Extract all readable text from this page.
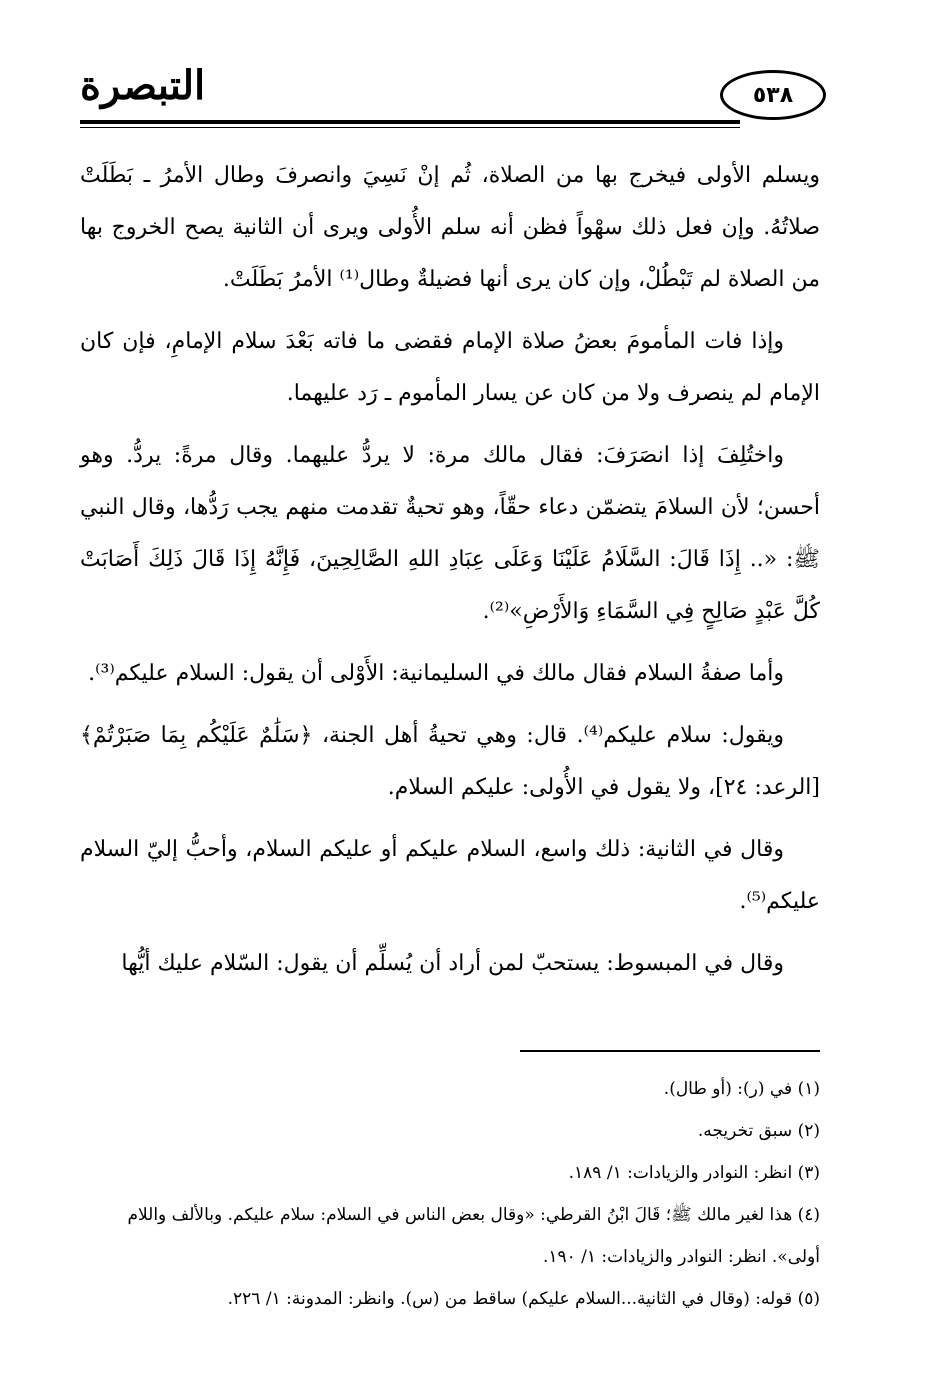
التبصرة	٥٣٨

ويسلم الأولى فيخرج بها من الصلاة، ثُم إنْ نَسِيَ وانصرفَ وطال الأمرُ ـ بَطَلَتْ صلاتُهُ. وإن فعل ذلك سهْواً فظن أنه سلم الأُولى ويرى أن الثانية يصح الخروج بها من الصلاة لم تَبْطُلْ، وإن كان يرى أنها فضيلةٌ وطال⁽¹⁾ الأمرُ بَطَلَتْ.

وإذا فات المأمومَ بعضُ صلاة الإمام فقضى ما فاته بَعْدَ سلام الإمامِ، فإن كان الإمام لم ينصرف ولا من كان عن يسار المأموم ـ رَد عليهما.

واختُلِفَ إذا انصَرَفَ: فقال مالك مرة: لا يردُّ عليهما. وقال مرةً: يردُّ. وهو أحسن؛ لأن السلامَ يتضمّن دعاء حقّاً، وهو تحيةٌ تقدمت منهم يجب رَدُّها، وقال النبي ﷺ: «.. إِذَا قَالَ: السَّلَامُ عَلَيْنَا وَعَلَى عِبَادِ اللهِ الصَّالِحِينَ، فَإِنَّهُ إِذَا قَالَ ذَلِكَ أَصَابَتْ كُلَّ عَبْدٍ صَالِحٍ فِي السَّمَاءِ وَالأَرْضِ»⁽²⁾.

وأما صفةُ السلام فقال مالك في السليمانية: الأَوْلى أن يقول: السلام عليكم⁽³⁾.

ويقول: سلام عليكم⁽⁴⁾. قال: وهي تحيةُ أهل الجنة، ﴿سَلَٰمٌ عَلَيْكُم بِمَا صَبَرْتُمْ﴾ [الرعد: ٢٤]، ولا يقول في الأُولى: عليكم السلام.

وقال في الثانية: ذلك واسع، السلام عليكم أو عليكم السلام، وأحبُّ إليّ السلام عليكم⁽⁵⁾.

وقال في المبسوط: يستحبّ لمن أراد أن يُسلِّم أن يقول: السّلام عليك أيُّها

(١) في (ر): (أو طال).

(٢) سبق تخريجه.

(٣) انظر: النوادر والزيادات: ١/ ١٨٩.

(٤) هذا لغير مالك ﷺ؛ قَالَ ابْنُ القرطي: «وقال بعض الناس في السلام: سلام عليكم. وبالألف واللام أولى». انظر: النوادر والزيادات: ١/ ١٩٠.

(٥) قوله: (وقال في الثانية...السلام عليكم) ساقط من (س). وانظر: المدونة: ١/ ٢٢٦.
